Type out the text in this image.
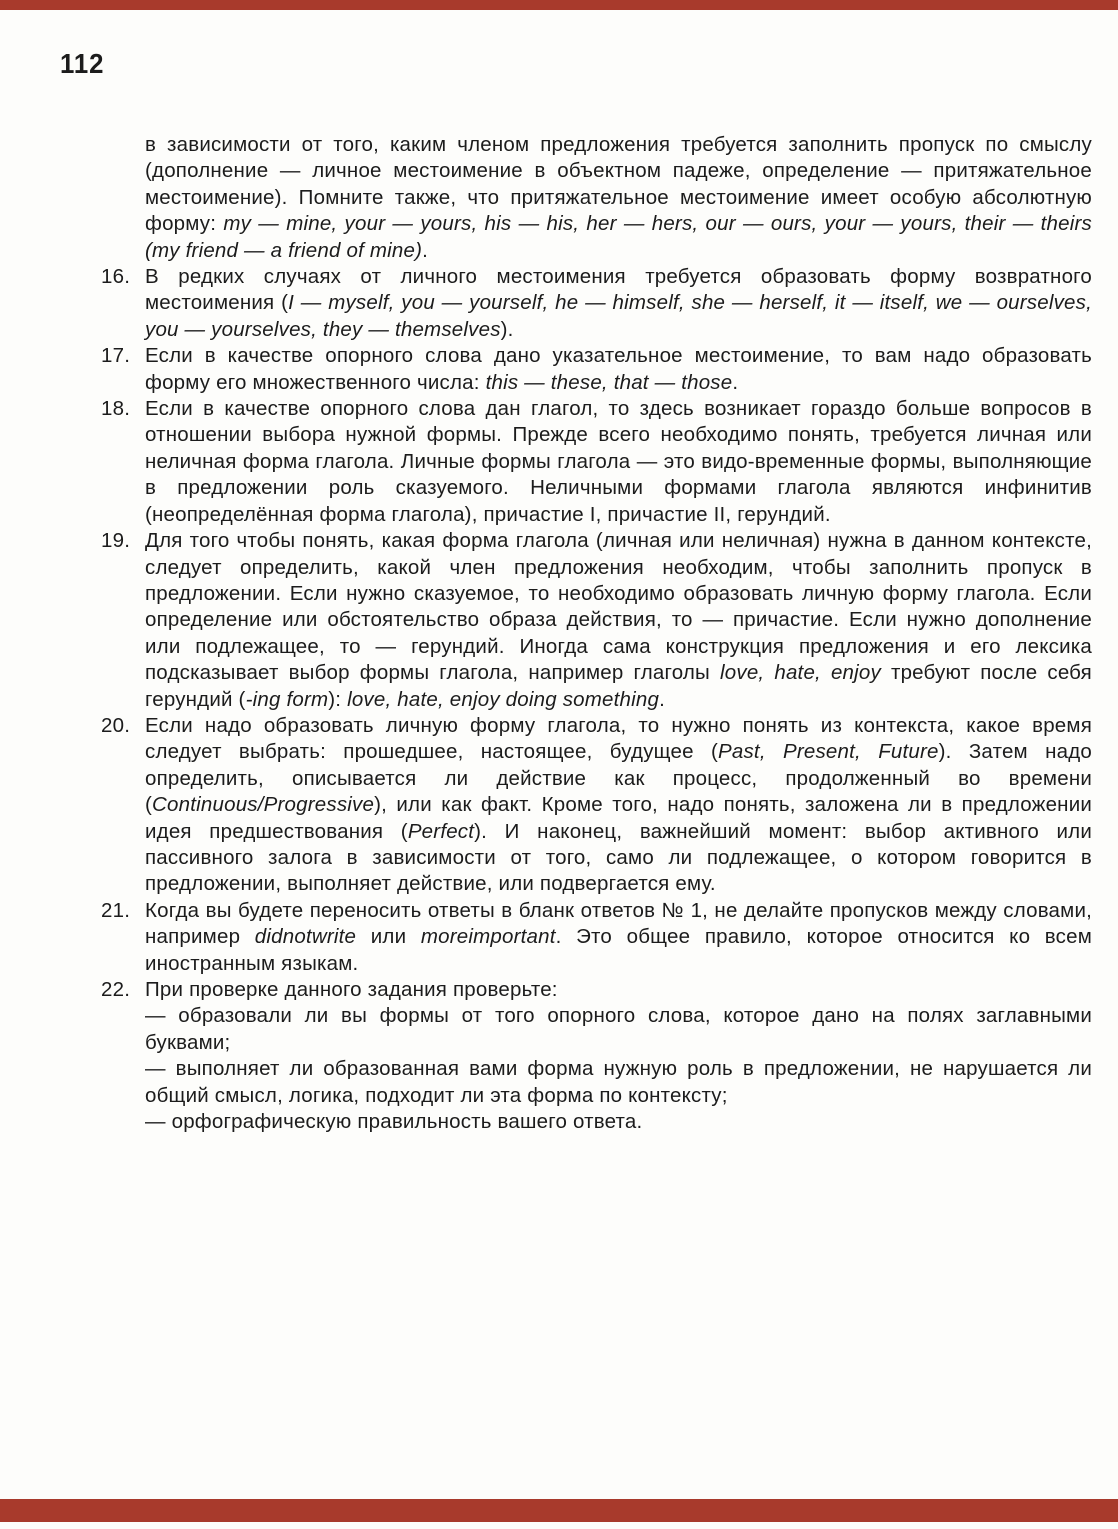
112
в зависимости от того, каким членом предложения требуется заполнить пропуск по смыслу (дополнение — личное местоимение в объектном падеже, определение — притяжательное местоимение). Помните также, что притяжательное местоимение имеет особую абсолютную форму: my — mine, your — yours, his — his, her — hers, our — ours, your — yours, their — theirs (my friend — a friend of mine).
16. В редких случаях от личного местоимения требуется образовать форму возвратного местоимения (I — myself, you — yourself, he — himself, she — herself, it — itself, we — ourselves, you — yourselves, they — themselves).
17. Если в качестве опорного слова дано указательное местоимение, то вам надо образовать форму его множественного числа: this — these, that — those.
18. Если в качестве опорного слова дан глагол, то здесь возникает гораздо больше вопросов в отношении выбора нужной формы. Прежде всего необходимо понять, требуется личная или неличная форма глагола. Личные формы глагола — это видо-временные формы, выполняющие в предложении роль сказуемого. Неличными формами глагола являются инфинитив (неопределённая форма глагола), причастие I, причастие II, герундий.
19. Для того чтобы понять, какая форма глагола (личная или неличная) нужна в данном контексте, следует определить, какой член предложения необходим, чтобы заполнить пропуск в предложении. Если нужно сказуемое, то необходимо образовать личную форму глагола. Если определение или обстоятельство образа действия, то — причастие. Если нужно дополнение или подлежащее, то — герундий. Иногда сама конструкция предложения и его лексика подсказывает выбор формы глагола, например глаголы love, hate, enjoy требуют после себя герундий (-ing form): love, hate, enjoy doing something.
20. Если надо образовать личную форму глагола, то нужно понять из контекста, какое время следует выбрать: прошедшее, настоящее, будущее (Past, Present, Future). Затем надо определить, описывается ли действие как процесс, продолженный во времени (Continuous/Progressive), или как факт. Кроме того, надо понять, заложена ли в предложении идея предшествования (Perfect). И наконец, важнейший момент: выбор активного или пассивного залога в зависимости от того, само ли подлежащее, о котором говорится в предложении, выполняет действие, или подвергается ему.
21. Когда вы будете переносить ответы в бланк ответов № 1, не делайте пропусков между словами, например didnotwrite или moreimportant. Это общее правило, которое относится ко всем иностранным языкам.
22. При проверке данного задания проверьте:
— образовали ли вы формы от того опорного слова, которое дано на полях заглавными буквами;
— выполняет ли образованная вами форма нужную роль в предложении, не нарушается ли общий смысл, логика, подходит ли эта форма по контексту;
— орфографическую правильность вашего ответа.
